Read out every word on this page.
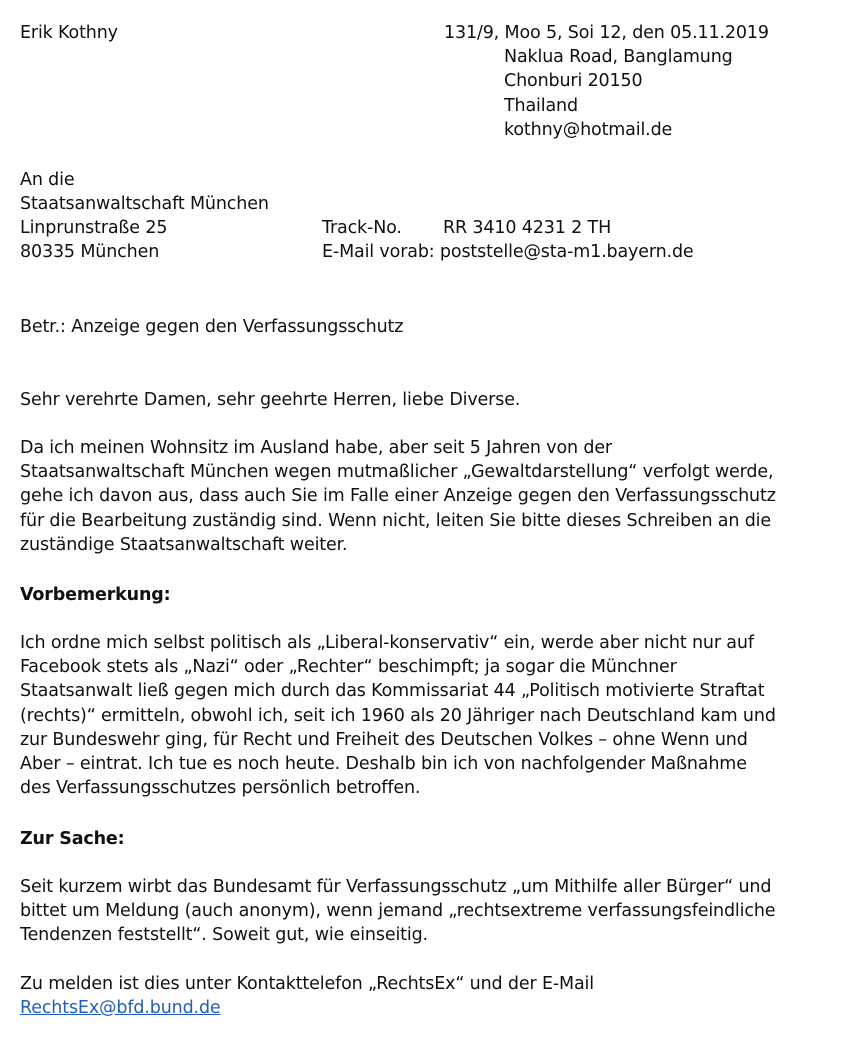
Erik Kothny	131/9, Moo 5, Soi 12, den 05.11.2019
Naklua Road, Banglamung
Chonburi 20150
Thailand
kothny@hotmail.de
An die
Staatsanwaltschaft München
Linprunstraße 25
80335 München
Track-No. RR 3410 4231 2 TH
E-Mail vorab: poststelle@sta-m1.bayern.de
Betr.: Anzeige gegen den Verfassungsschutz
Sehr verehrte Damen, sehr geehrte Herren, liebe Diverse.
Da ich meinen Wohnsitz im Ausland habe, aber seit 5 Jahren von der
Staatsanwaltschaft München wegen mutmaßlicher „Gewaltdarstellung“ verfolgt werde,
gehe ich davon aus, dass auch Sie im Falle einer Anzeige gegen den Verfassungsschutz
für die Bearbeitung zuständig sind. Wenn nicht, leiten Sie bitte dieses Schreiben an die
zuständige Staatsanwaltschaft weiter.
Vorbemerkung:
Ich ordne mich selbst politisch als „Liberal-konservativ“ ein, werde aber nicht nur auf
Facebook stets als „Nazi“ oder „Rechter“ beschimpft; ja sogar die Münchner
Staatsanwalt ließ gegen mich durch das Kommissariat 44 „Politisch motivierte Straftat
(rechts)“ ermitteln, obwohl ich, seit ich 1960 als 20 Jähriger nach Deutschland kam und
zur Bundeswehr ging, für Recht und Freiheit des Deutschen Volkes – ohne Wenn und
Aber – eintrat. Ich tue es noch heute. Deshalb bin ich von nachfolgender Maßnahme
des Verfassungsschutzes persönlich betroffen.
Zur Sache:
Seit kurzem wirbt das Bundesamt für Verfassungsschutz „um Mithilfe aller Bürger“ und
bittet um Meldung (auch anonym), wenn jemand „rechtsextreme verfassungsfeindliche
Tendenzen feststellt“. Soweit gut, wie einseitig.
Zu melden ist dies unter Kontakttelefon „RechtsEx“ und der E-Mail
RechtsEx@bfd.bund.de
